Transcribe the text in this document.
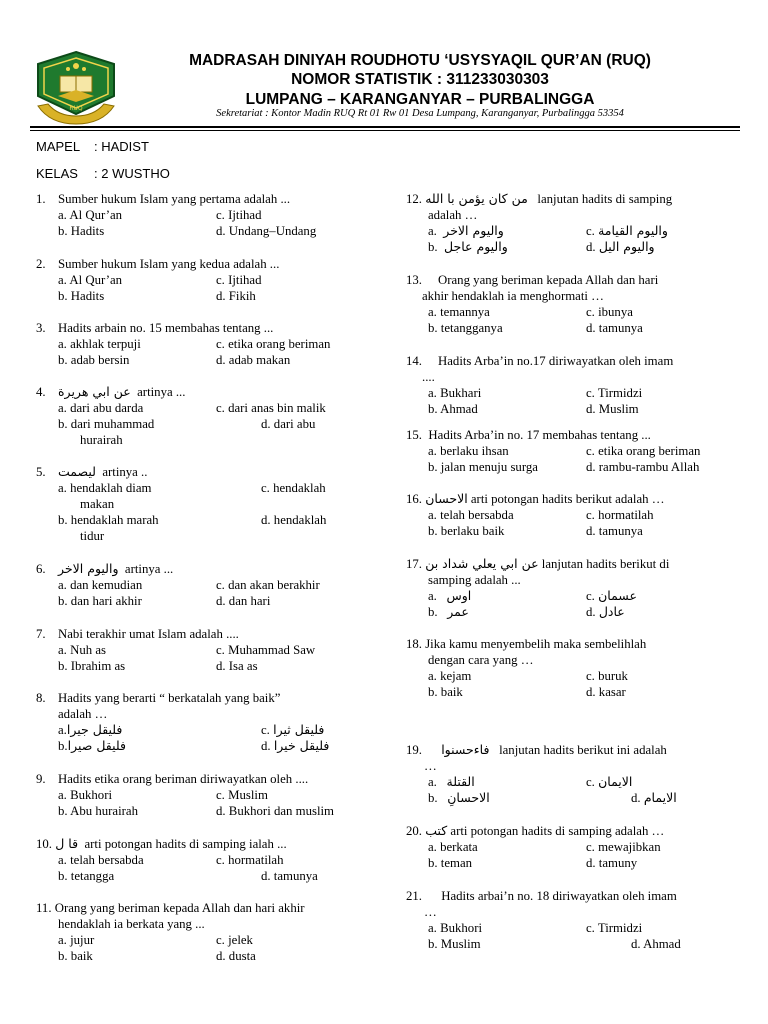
RUQ
MADRASAH DINIYAH ROUDHOTU ‘USYSYAQIL QUR’AN (RUQ)
NOMOR STATISTIK : 311233030303
LUMPANG – KARANGANYAR – PURBALINGGA
Sekretariat : Kontor Madin RUQ Rt 01 Rw 01 Desa Lumpang, Karanganyar, Purbalingga 53354
MAPEL : HADIST
KELAS : 2 WUSTHO
1. Sumber hukum Islam yang pertama adalah ...
a. Al Qur’an	c. Ijtihad
b. Hadits	d. Undang–Undang
2. Sumber hukum Islam yang kedua adalah ...
a. Al Qur’an	c. Ijtihad
b. Hadits	d. Fikih
3. Hadits arbain no. 15 membahas tentang ...
a. akhlak terpuji	c. etika orang beriman
b. adab bersin	d. adab makan
4. عن ابي هريرة artinya ...
a. dari abu darda	c. dari anas bin malik
b. dari muhammad	d. dari abu
hurairah
5. ليصمت artinya ..
a. hendaklah diam	c. hendaklah
makan
b. hendaklah marah	d. hendaklah
tidur
6. واليوم الاخر artinya ...
a. dan kemudian	c. dan akan berakhir
b. dan hari akhir	d. dan hari
7. Nabi terakhir umat Islam adalah ....
a. Nuh as	c. Muhammad Saw
b. Ibrahim as	d. Isa as
8. Hadits yang berarti “ berkatalah yang baik”
adalah …
a.فليقل جيرا	c. فليقل ثيرا
b.فليقل صيرا	d. فليقل خيرا
9. Hadits etika orang beriman diriwayatkan oleh ....
a. Bukhori	c. Muslim
b. Abu hurairah	d. Bukhori dan muslim
10. قا ل arti potongan hadits di samping ialah ...
a. telah bersabda	c. hormatilah
b. tetangga	d. tamunya
11. Orang yang beriman kepada Allah dan hari akhir
hendaklah ia berkata yang ...
a. jujur	c. jelek
b. baik	d. dusta
12. من كان يؤمن با الله lanjutan hadits di samping
adalah …
a. واليوم الاخر	c. واليوم القيامة
b. واليوم عاجل	d. واليوم اليل
13. Orang yang beriman kepada Allah dan hari
akhir hendaklah ia menghormati …
a. temannya	c. ibunya
b. tetangganya	d. tamunya
14. Hadits Arba’in no.17 diriwayatkan oleh imam
....
a. Bukhari	c. Tirmidzi
b. Ahmad	d. Muslim
15. Hadits Arba’in no. 17 membahas tentang ...
a. berlaku ihsan	c. etika orang beriman
b. jalan menuju surga	d. rambu-rambu Allah
16. الاحسان arti potongan hadits berikut adalah …
a. telah bersabda	c. hormatilah
b. berlaku baik	d. tamunya
17. عن ابي يعلي شداد بن lanjutan hadits berikut di
samping adalah ...
a. اوس	c. عسمان
b. عمر	d. عادل
18. Jika kamu menyembelih maka sembelihlah
dengan cara yang …
a. kejam	c. buruk
b. baik	d. kasar
19. فاءحسنوا lanjutan hadits berikut ini adalah
…
a. القتلة	c. الايمان
b. الاحسانِ	d. الايمام
20. كتب arti potongan hadits di samping adalah …
a. berkata	c. mewajibkan
b. teman	d. tamuny
21. Hadits arbai’n no. 18 diriwayatkan oleh imam
…
a. Bukhori	c. Tirmidzi
b. Muslim	d. Ahmad
